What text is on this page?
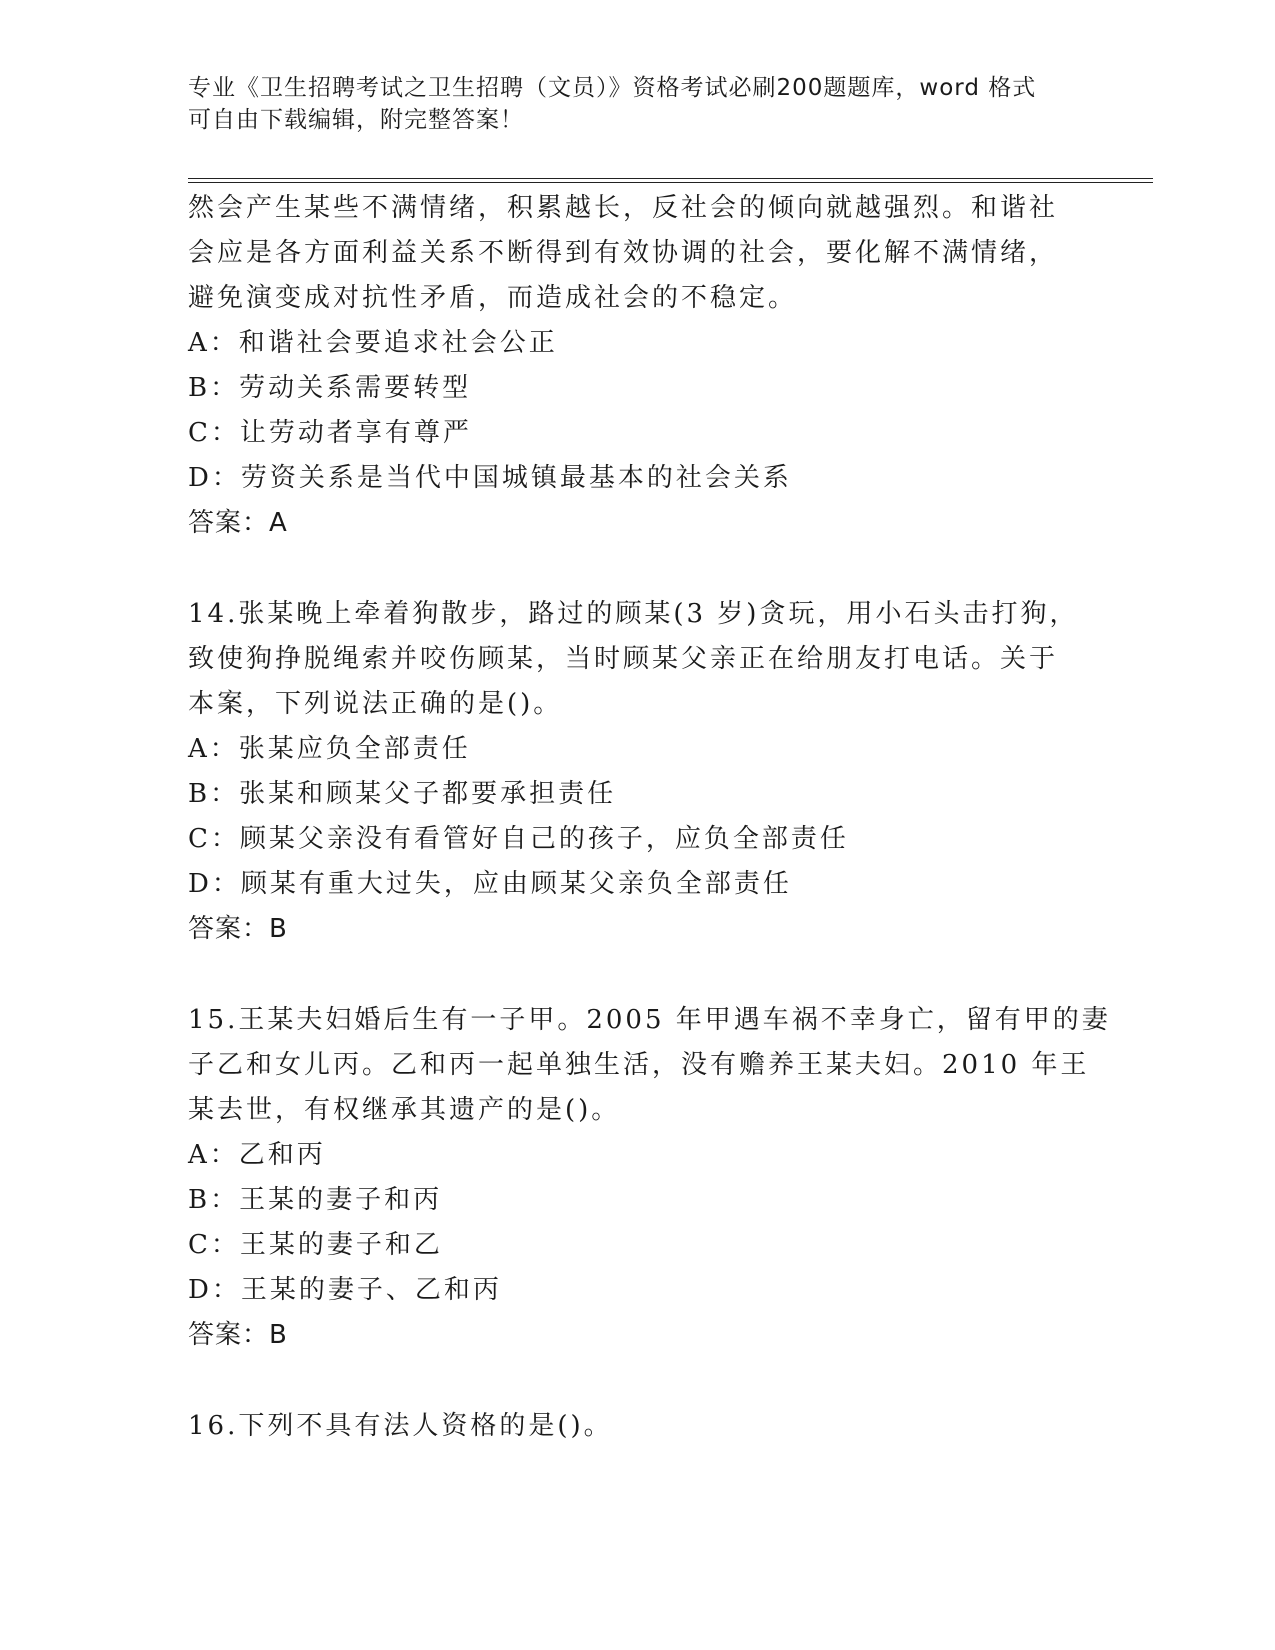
专业《卫生招聘考试之卫生招聘（文员）》资格考试必刷200题题库，word 格式
可自由下载编辑，附完整答案！
然会产生某些不满情绪，积累越长，反社会的倾向就越强烈。和谐社
会应是各方面利益关系不断得到有效协调的社会，要化解不满情绪，
避免演变成对抗性矛盾，而造成社会的不稳定。
A：和谐社会要追求社会公正
B：劳动关系需要转型
C：让劳动者享有尊严
D：劳资关系是当代中国城镇最基本的社会关系
答案：A
14.张某晚上牵着狗散步，路过的顾某(3 岁)贪玩，用小石头击打狗，
致使狗挣脱绳索并咬伤顾某，当时顾某父亲正在给朋友打电话。关于
本案，下列说法正确的是()。
A：张某应负全部责任
B：张某和顾某父子都要承担责任
C：顾某父亲没有看管好自己的孩子，应负全部责任
D：顾某有重大过失，应由顾某父亲负全部责任
答案：B
15.王某夫妇婚后生有一子甲。2005 年甲遇车祸不幸身亡，留有甲的妻
子乙和女儿丙。乙和丙一起单独生活，没有赡养王某夫妇。2010 年王
某去世，有权继承其遗产的是()。
A：乙和丙
B：王某的妻子和丙
C：王某的妻子和乙
D：王某的妻子、乙和丙
答案：B
16.下列不具有法人资格的是()。
